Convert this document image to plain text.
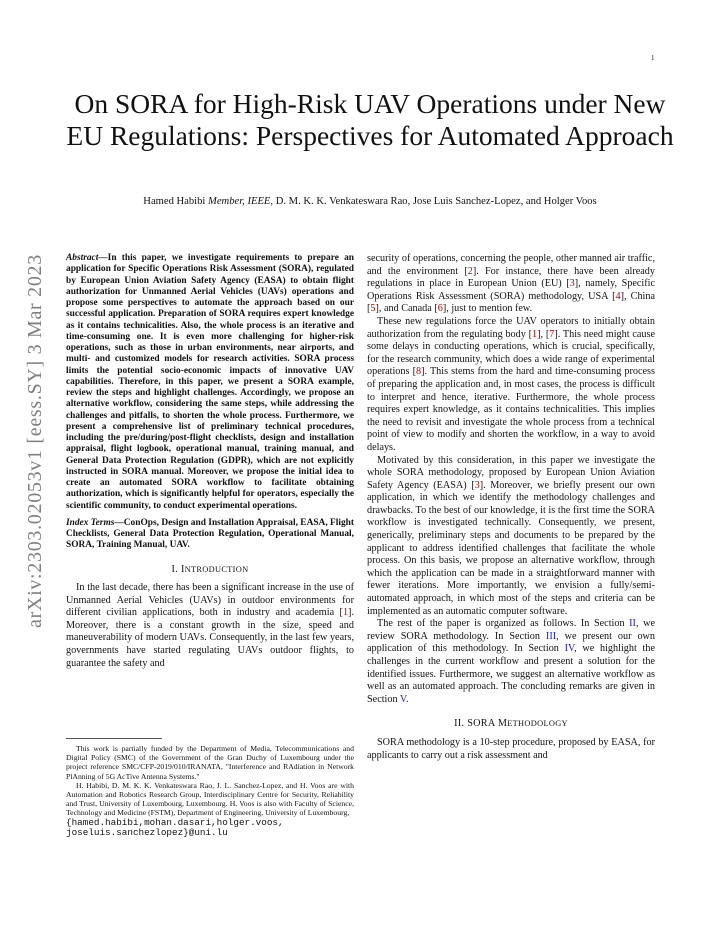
1
On SORA for High-Risk UAV Operations under New EU Regulations: Perspectives for Automated Approach
Hamed Habibi Member, IEEE, D. M. K. K. Venkateswara Rao, Jose Luis Sanchez-Lopez, and Holger Voos
arXiv:2303.02053v1 [eess.SY] 3 Mar 2023	Abstract—In this paper, we investigate requirements to prepare an application for Specific Operations Risk Assessment (SORA), regulated by European Union Aviation Safety Agency (EASA) to obtain flight authorization for Unmanned Aerial Vehicles (UAVs) operations and propose some perspectives to automate the approach based on our successful application. Preparation of SORA requires expert knowledge as it contains technicalities. Also, the whole process is an iterative and time-consuming one. It is even more challenging for higher-risk operations, such as those in urban environments, near airports, and multi- and customized models for research activities. SORA process limits the potential socio-economic impacts of innovative UAV capabilities. Therefore, in this paper, we present a SORA example, review the steps and highlight challenges. Accordingly, we propose an alternative workflow, considering the same steps, while addressing the challenges and pitfalls, to shorten the whole process. Furthermore, we present a comprehensive list of preliminary technical procedures, including the pre/during/post-flight checklists, design and installation appraisal, flight logbook, operational manual, training manual, and General Data Protection Regulation (GDPR), which are not explicitly instructed in SORA manual. Moreover, we propose the initial idea to create an automated SORA workflow to facilitate obtaining authorization, which is significantly helpful for operators, especially the scientific community, to conduct experimental operations.

Index Terms—ConOps, Design and Installation Appraisal, EASA, Flight Checklists, General Data Protection Regulation, Operational Manual, SORA, Training Manual, UAV.

I. INTRODUCTION

In the last decade, there has been a significant increase in the use of Unmanned Aerial Vehicles (UAVs) in outdoor environments for different civilian applications, both in industry and academia [1]. Moreover, there is a constant growth in the size, speed and maneuverability of modern UAVs. Consequently, in the last few years, governments have started regulating UAVs outdoor flights, to guarantee the safety and

This work is partially funded by the Department of Media, Telecommunications and Digital Policy (SMC) of the Government of the Gran Duchy of Luxembourg under the project reference SMC/CFP-2019/010/IRANATA, "Interference and RAdiation in Network PlAnning of 5G AcTive Antenna Systems."

H. Habibi, D. M. K. K. Venkateswara Rao, J. L. Sanchez-Lopez, and H. Voos are with Automation and Robotics Research Group, Interdisciplinary Centre for Security, Reliability and Trust, University of Luxembourg, Luxembourg. H. Voos is also with Faculty of Science, Technology and Medicine (FSTM), Department of Engineering, University of Luxembourg,

{hamed.habibi,mohan.dasari,holger.voos, joseluis.sanchezlopez}@uni.lu

security of operations, concerning the people, other manned air traffic, and the environment [2]. For instance, there have been already regulations in place in European Union (EU) [3], namely, Specific Operations Risk Assessment (SORA) methodology, USA [4], China [5], and Canada [6], just to mention few.

These new regulations force the UAV operators to initially obtain authorization from the regulating body [1], [7]. This need might cause some delays in conducting operations, which is crucial, specifically, for the research community, which does a wide range of experimental operations [8]. This stems from the hard and time-consuming process of preparing the application and, in most cases, the process is difficult to interpret and hence, iterative. Furthermore, the whole process requires expert knowledge, as it contains technicalities. This implies the need to revisit and investigate the whole process from a technical point of view to modify and shorten the workflow, in a way to avoid delays.

Motivated by this consideration, in this paper we investigate the whole SORA methodology, proposed by European Union Aviation Safety Agency (EASA) [3]. Moreover, we briefly present our own application, in which we identify the methodology challenges and drawbacks. To the best of our knowledge, it is the first time the SORA workflow is investigated technically. Consequently, we present, generically, preliminary steps and documents to be prepared by the applicant to address identified challenges that facilitate the whole process. On this basis, we propose an alternative workflow, through which the application can be made in a straightforward manner with fewer iterations. More importantly, we envision a fully/semi-automated approach, in which most of the steps and criteria can be implemented as an automatic computer software.

The rest of the paper is organized as follows. In Section II, we review SORA methodology. In Section III, we present our own application of this methodology. In Section IV, we highlight the challenges in the current workflow and present a solution for the identified issues. Furthermore, we suggest an alternative workflow as well as an automated approach. The concluding remarks are given in Section V.

II. SORA METHODOLOGY

SORA methodology is a 10-step procedure, proposed by EASA, for applicants to carry out a risk assessment and
